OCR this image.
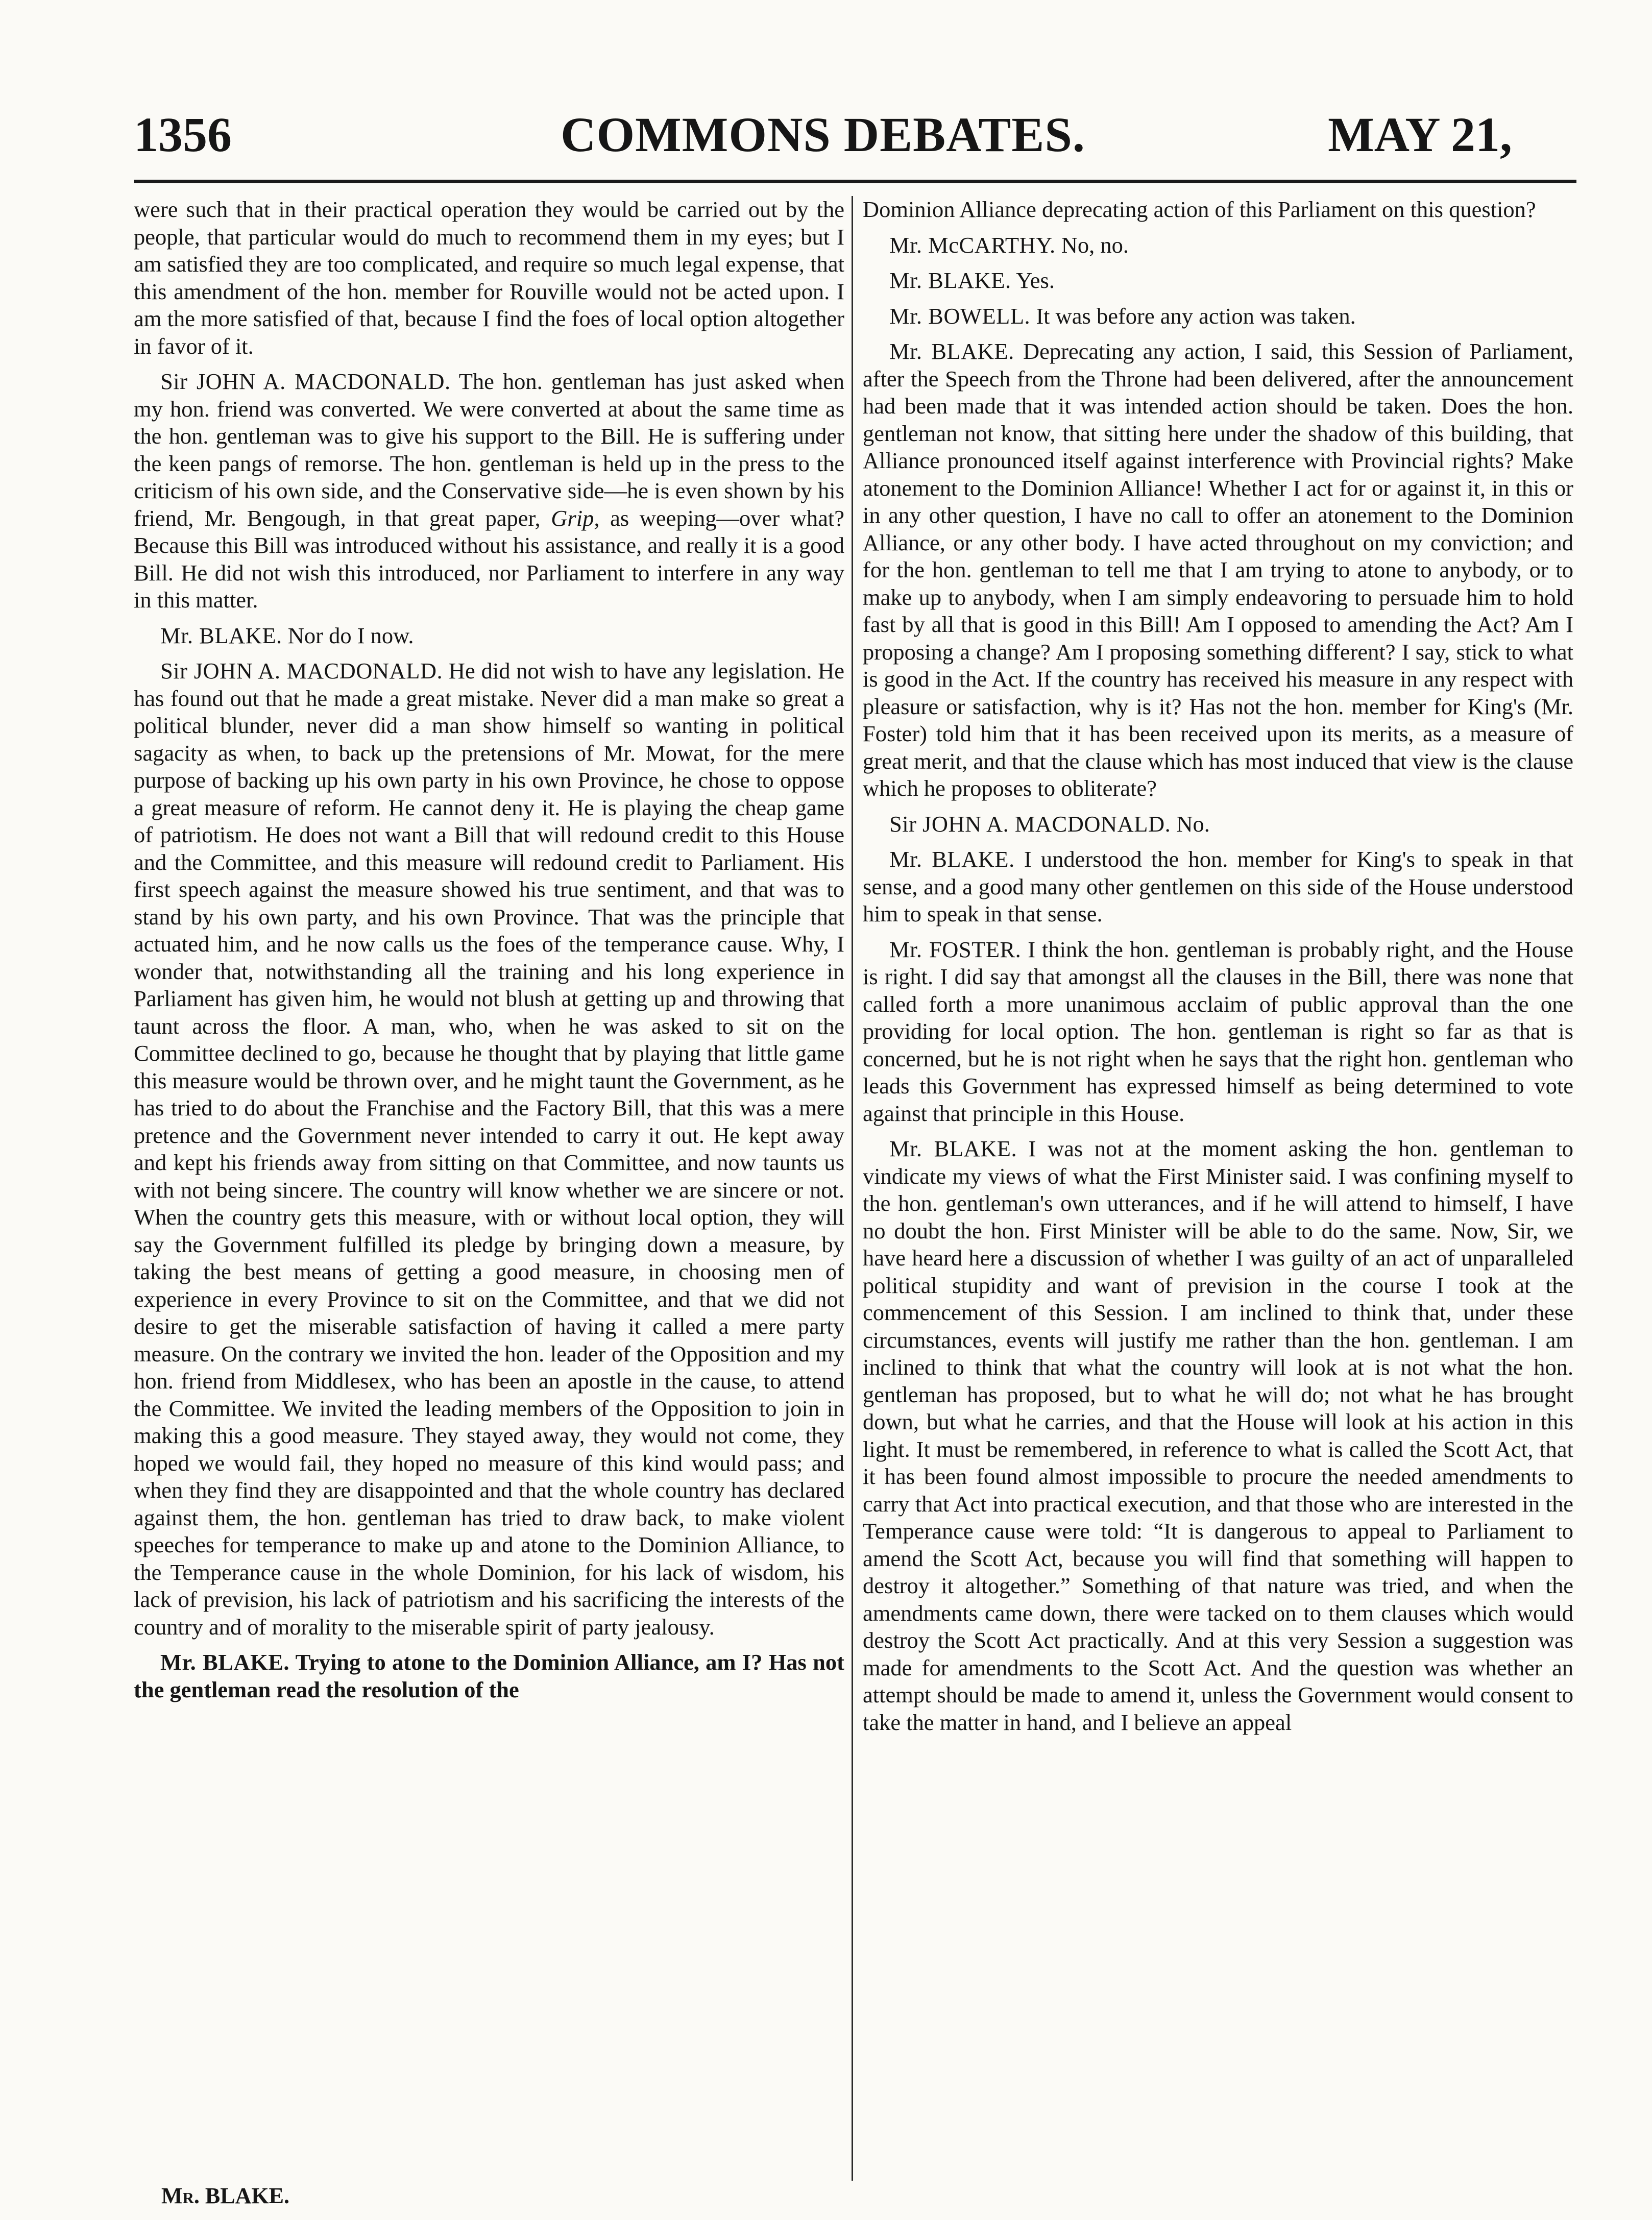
1356	COMMONS DEBATES.	MAY 21,

were such that in their practical operation they would be carried out by the people, that particular would do much to recommend them in my eyes; but I am satisfied they are too complicated, and require so much legal expense, that this amendment of the hon. member for Rouville would not be acted upon. I am the more satisfied of that, because I find the foes of local option altogether in favor of it.

Sir JOHN A. MACDONALD. The hon. gentleman has just asked when my hon. friend was converted. We were converted at about the same time as the hon. gentleman was to give his support to the Bill. He is suffering under the keen pangs of remorse. The hon. gentleman is held up in the press to the criticism of his own side, and the Conservative side—he is even shown by his friend, Mr. Bengough, in that great paper, Grip, as weeping—over what? Because this Bill was introduced without his assistance, and really it is a good Bill. He did not wish this introduced, nor Parliament to interfere in any way in this matter.

Mr. BLAKE. Nor do I now.

Sir JOHN A. MACDONALD. He did not wish to have any legislation. He has found out that he made a great mistake. Never did a man make so great a political blunder, never did a man show himself so wanting in political sagacity as when, to back up the pretensions of Mr. Mowat, for the mere purpose of backing up his own party in his own Province, he chose to oppose a great measure of reform. He cannot deny it. He is playing the cheap game of patriotism. He does not want a Bill that will redound credit to this House and the Committee, and this measure will redound credit to Parliament. His first speech against the measure showed his true sentiment, and that was to stand by his own party, and his own Province. That was the principle that actuated him, and he now calls us the foes of the temperance cause. Why, I wonder that, notwithstanding all the training and his long experience in Parliament has given him, he would not blush at getting up and throwing that taunt across the floor. A man, who, when he was asked to sit on the Committee declined to go, because he thought that by playing that little game this measure would be thrown over, and he might taunt the Government, as he has tried to do about the Franchise and the Factory Bill, that this was a mere pretence and the Government never intended to carry it out. He kept away and kept his friends away from sitting on that Committee, and now taunts us with not being sincere. The country will know whether we are sincere or not. When the country gets this measure, with or without local option, they will say the Government fulfilled its pledge by bringing down a measure, by taking the best means of getting a good measure, in choosing men of experience in every Province to sit on the Committee, and that we did not desire to get the miserable satisfaction of having it called a mere party measure. On the contrary we invited the hon. leader of the Opposition and my hon. friend from Middlesex, who has been an apostle in the cause, to attend the Committee. We invited the leading members of the Opposition to join in making this a good measure. They stayed away, they would not come, they hoped we would fail, they hoped no measure of this kind would pass; and when they find they are disappointed and that the whole country has declared against them, the hon. gentleman has tried to draw back, to make violent speeches for temperance to make up and atone to the Dominion Alliance, to the Temperance cause in the whole Dominion, for his lack of wisdom, his lack of prevision, his lack of patriotism and his sacrificing the interests of the country and of morality to the miserable spirit of party jealousy.

Mr. BLAKE. Trying to atone to the Dominion Alliance, am I? Has not the gentleman read the resolution of the

Dominion Alliance deprecating action of this Parliament on this question?

Mr. McCARTHY. No, no.

Mr. BLAKE. Yes.

Mr. BOWELL. It was before any action was taken.

Mr. BLAKE. Deprecating any action, I said, this Session of Parliament, after the Speech from the Throne had been delivered, after the announcement had been made that it was intended action should be taken. Does the hon. gentleman not know, that sitting here under the shadow of this building, that Alliance pronounced itself against interference with Provincial rights? Make atonement to the Dominion Alliance! Whether I act for or against it, in this or in any other question, I have no call to offer an atonement to the Dominion Alliance, or any other body. I have acted throughout on my conviction; and for the hon. gentleman to tell me that I am trying to atone to anybody, or to make up to anybody, when I am simply endeavoring to persuade him to hold fast by all that is good in this Bill! Am I opposed to amending the Act? Am I proposing a change? Am I proposing something different? I say, stick to what is good in the Act. If the country has received his measure in any respect with pleasure or satisfaction, why is it? Has not the hon. member for King's (Mr. Foster) told him that it has been received upon its merits, as a measure of great merit, and that the clause which has most induced that view is the clause which he proposes to obliterate?

Sir JOHN A. MACDONALD. No.

Mr. BLAKE. I understood the hon. member for King's to speak in that sense, and a good many other gentlemen on this side of the House understood him to speak in that sense.

Mr. FOSTER. I think the hon. gentleman is probably right, and the House is right. I did say that amongst all the clauses in the Bill, there was none that called forth a more unanimous acclaim of public approval than the one providing for local option. The hon. gentleman is right so far as that is concerned, but he is not right when he says that the right hon. gentleman who leads this Government has expressed himself as being determined to vote against that principle in this House.

Mr. BLAKE. I was not at the moment asking the hon. gentleman to vindicate my views of what the First Minister said. I was confining myself to the hon. gentleman's own utterances, and if he will attend to himself, I have no doubt the hon. First Minister will be able to do the same. Now, Sir, we have heard here a discussion of whether I was guilty of an act of unparalleled political stupidity and want of prevision in the course I took at the commencement of this Session. I am inclined to think that, under these circumstances, events will justify me rather than the hon. gentleman. I am inclined to think that what the country will look at is not what the hon. gentleman has proposed, but to what he will do; not what he has brought down, but what he carries, and that the House will look at his action in this light. It must be remembered, in reference to what is called the Scott Act, that it has been found almost impossible to procure the needed amendments to carry that Act into practical execution, and that those who are interested in the Temperance cause were told: “It is dangerous to appeal to Parliament to amend the Scott Act, because you will find that something will happen to destroy it altogether.” Something of that nature was tried, and when the amendments came down, there were tacked on to them clauses which would destroy the Scott Act practically. And at this very Session a suggestion was made for amendments to the Scott Act. And the question was whether an attempt should be made to amend it, unless the Government would consent to take the matter in hand, and I believe an appeal

Mr. BLAKE.
